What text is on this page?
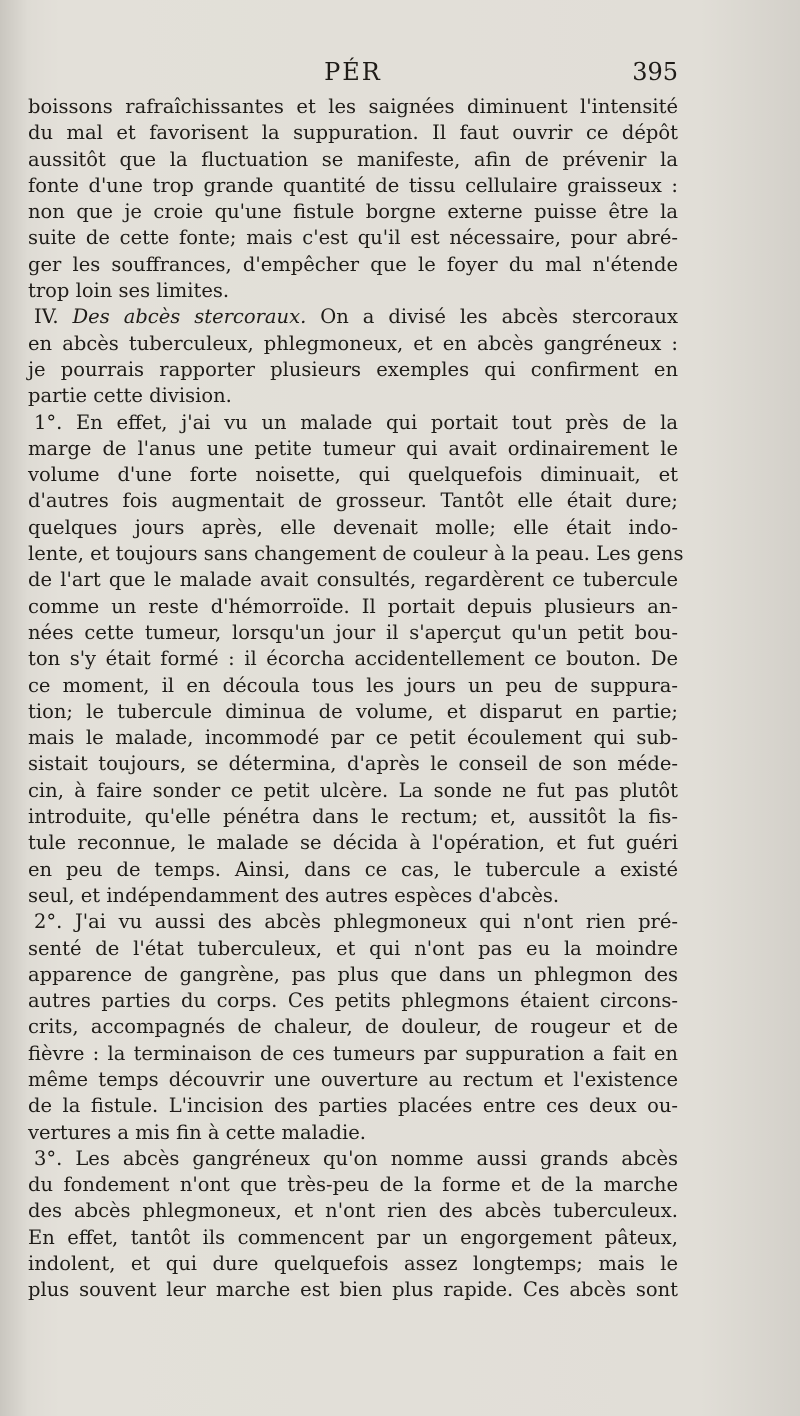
PÉR	395
boissons rafraîchissantes et les saignées diminuent l'intensité
du mal et favorisent la suppuration. Il faut ouvrir ce dépôt
aussitôt que la fluctuation se manifeste, afin de prévenir la
fonte d'une trop grande quantité de tissu cellulaire graisseux :
non que je croie qu'une fistule borgne externe puisse être la
suite de cette fonte; mais c'est qu'il est nécessaire, pour abré-
ger les souffrances, d'empêcher que le foyer du mal n'étende
trop loin ses limites.
IV. Des abcès stercoraux. On a divisé les abcès stercoraux
en abcès tuberculeux, phlegmoneux, et en abcès gangréneux :
je pourrais rapporter plusieurs exemples qui confirment en
partie cette division.
1°. En effet, j'ai vu un malade qui portait tout près de la
marge de l'anus une petite tumeur qui avait ordinairement le
volume d'une forte noisette, qui quelquefois diminuait, et
d'autres fois augmentait de grosseur. Tantôt elle était dure;
quelques jours après, elle devenait molle; elle était indo-
lente, et toujours sans changement de couleur à la peau. Les gens
de l'art que le malade avait consultés, regardèrent ce tubercule
comme un reste d'hémorroïde. Il portait depuis plusieurs an-
nées cette tumeur, lorsqu'un jour il s'aperçut qu'un petit bou-
ton s'y était formé : il écorcha accidentellement ce bouton. De
ce moment, il en découla tous les jours un peu de suppura-
tion; le tubercule diminua de volume, et disparut en partie;
mais le malade, incommodé par ce petit écoulement qui sub-
sistait toujours, se détermina, d'après le conseil de son méde-
cin, à faire sonder ce petit ulcère. La sonde ne fut pas plutôt
introduite, qu'elle pénétra dans le rectum; et, aussitôt la fis-
tule reconnue, le malade se décida à l'opération, et fut guéri
en peu de temps. Ainsi, dans ce cas, le tubercule a existé
seul, et indépendamment des autres espèces d'abcès.
2°. J'ai vu aussi des abcès phlegmoneux qui n'ont rien pré-
senté de l'état tuberculeux, et qui n'ont pas eu la moindre
apparence de gangrène, pas plus que dans un phlegmon des
autres parties du corps. Ces petits phlegmons étaient circons-
crits, accompagnés de chaleur, de douleur, de rougeur et de
fièvre : la terminaison de ces tumeurs par suppuration a fait en
même temps découvrir une ouverture au rectum et l'existence
de la fistule. L'incision des parties placées entre ces deux ou-
vertures a mis fin à cette maladie.
3°. Les abcès gangréneux qu'on nomme aussi grands abcès
du fondement n'ont que très-peu de la forme et de la marche
des abcès phlegmoneux, et n'ont rien des abcès tuberculeux.
En effet, tantôt ils commencent par un engorgement pâteux,
indolent, et qui dure quelquefois assez longtemps; mais le
plus souvent leur marche est bien plus rapide. Ces abcès sont
